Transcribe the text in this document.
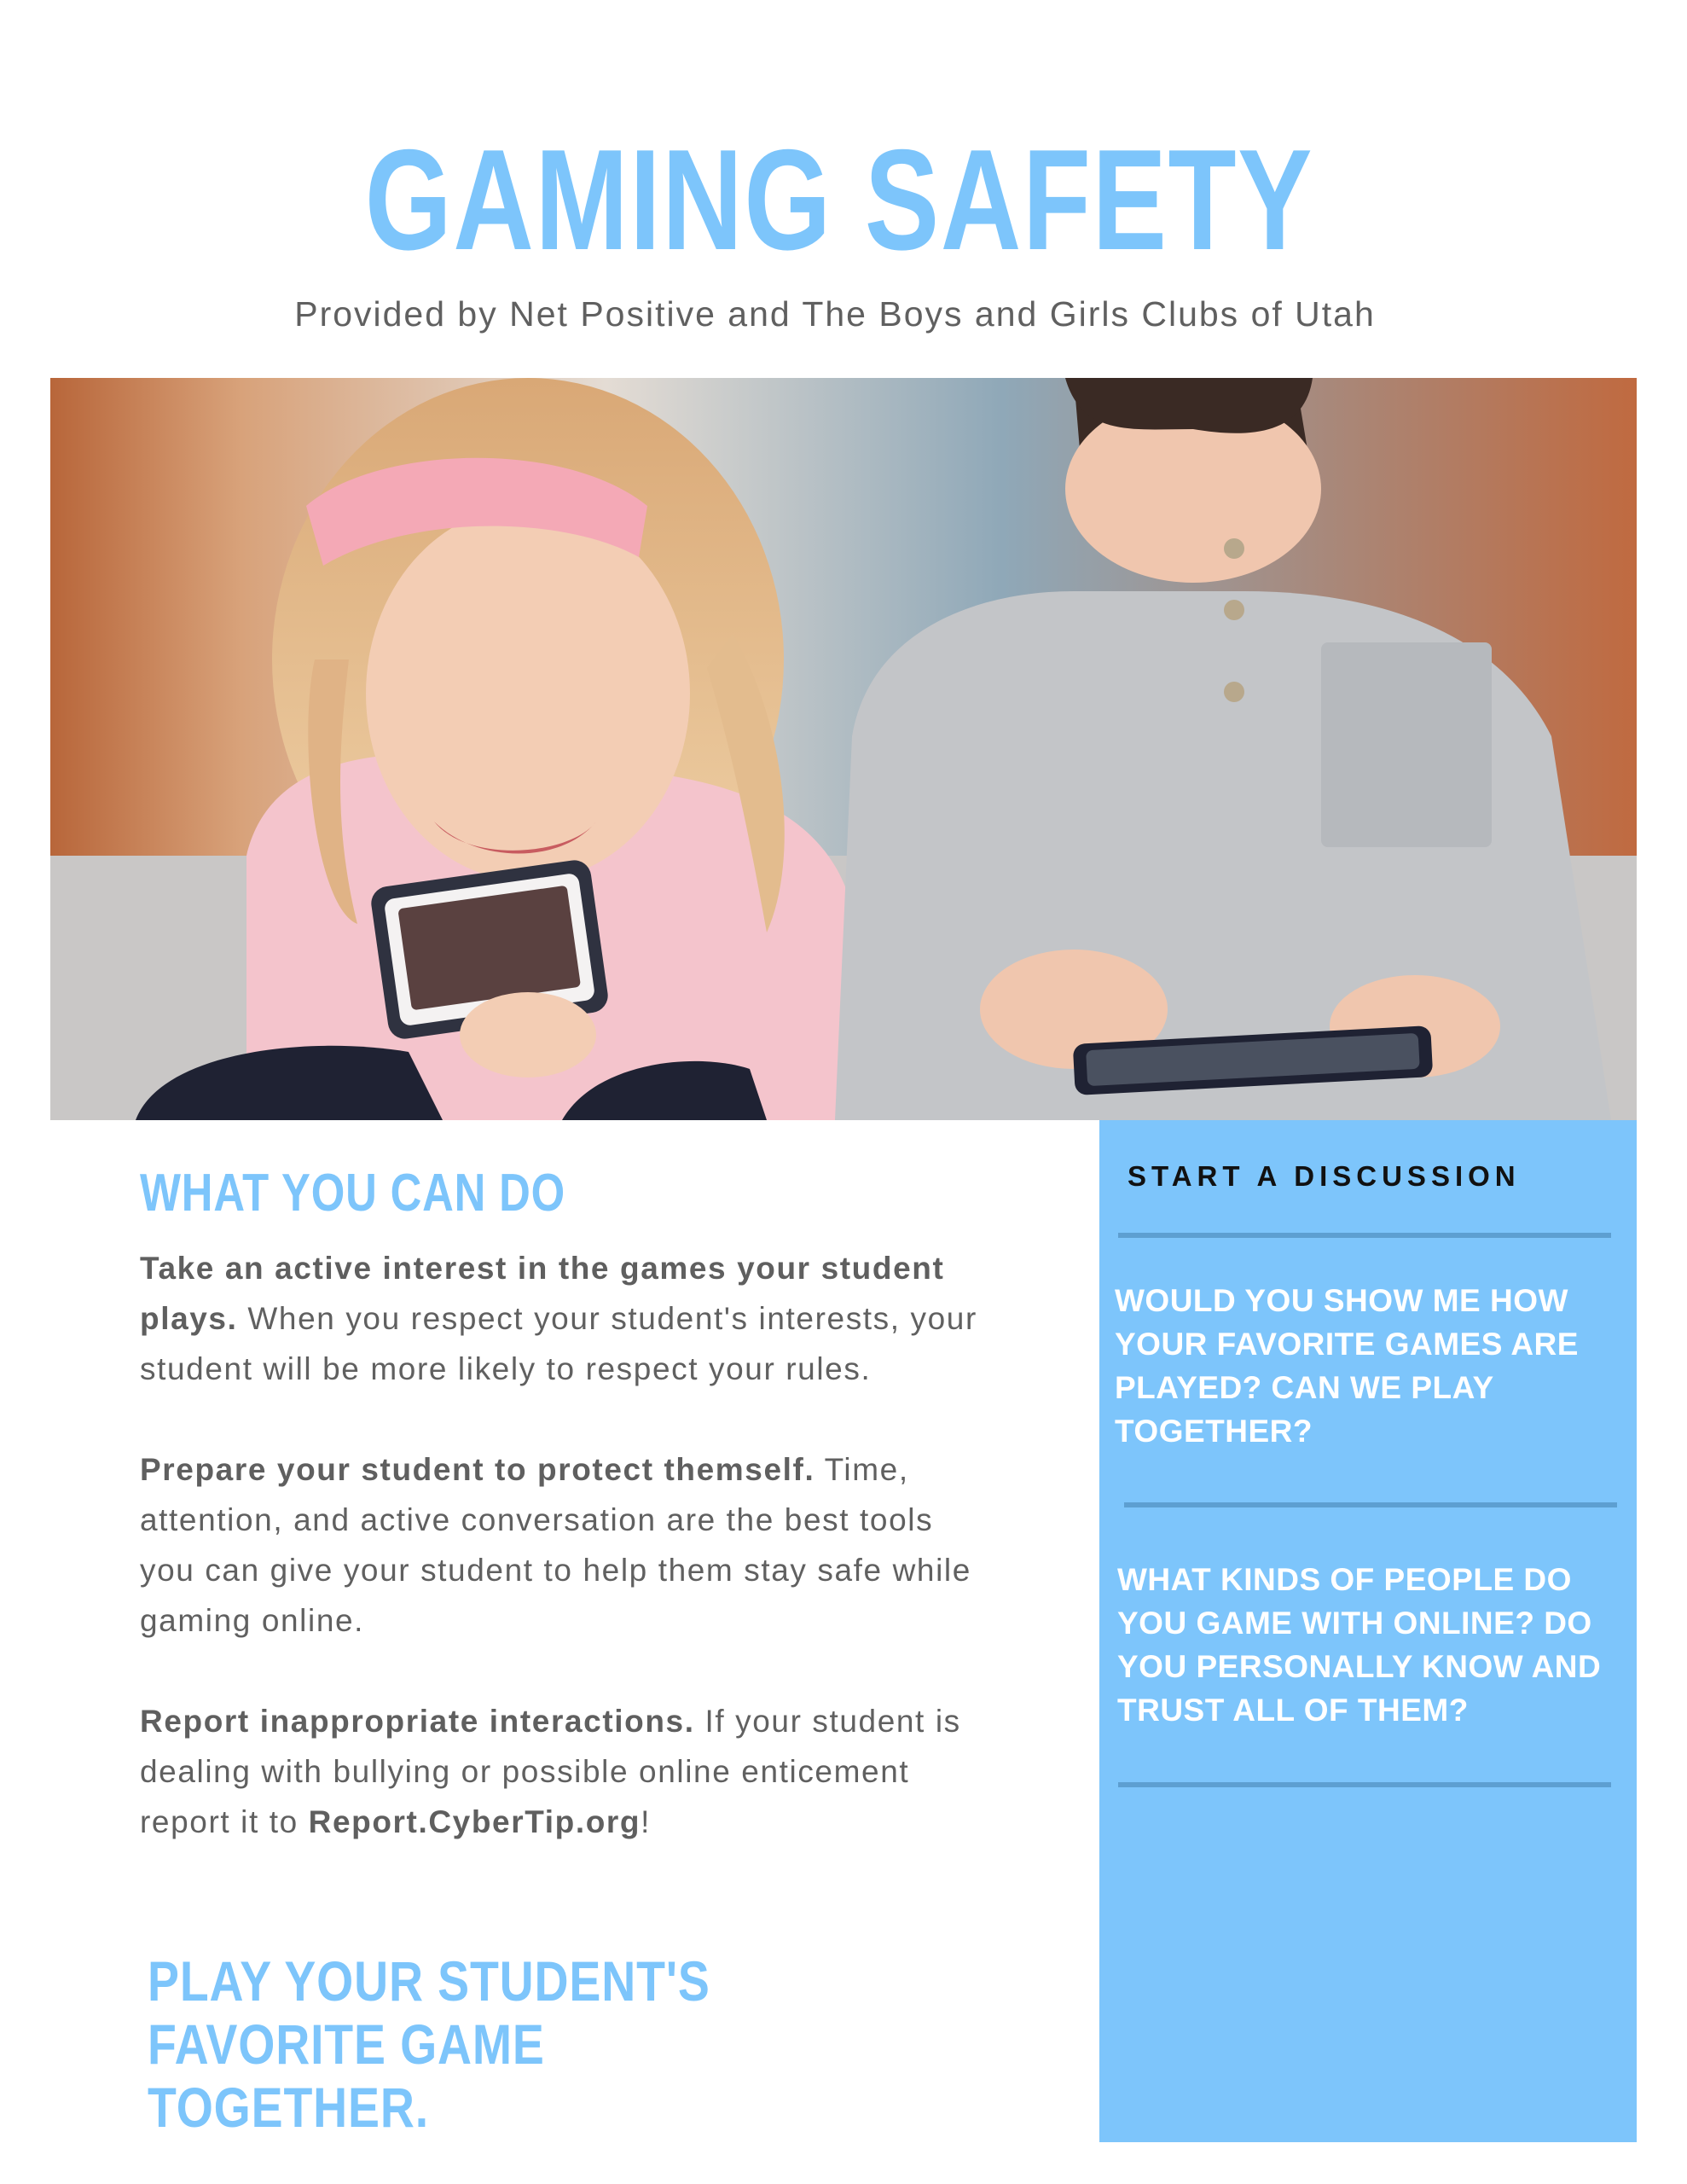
GAMING SAFETY
Provided by Net Positive and The Boys and Girls Clubs of Utah
WHAT YOU CAN DO

Take an active interest in the games your student plays. When you respect your student's interests, your student will be more likely to respect your rules.

Prepare your student to protect themself. Time, attention, and active conversation are the best tools you can give your student to help them stay safe while gaming online.

Report inappropriate interactions. If your student is dealing with bullying or possible online enticement report it to Report.CyberTip.org!

PLAY YOUR STUDENT'S FAVORITE GAME TOGETHER.
START A DISCUSSION
WOULD YOU SHOW ME HOW YOUR FAVORITE GAMES ARE PLAYED? CAN WE PLAY TOGETHER?
WHAT KINDS OF PEOPLE DO YOU GAME WITH ONLINE? DO YOU PERSONALLY KNOW AND TRUST ALL OF THEM?
